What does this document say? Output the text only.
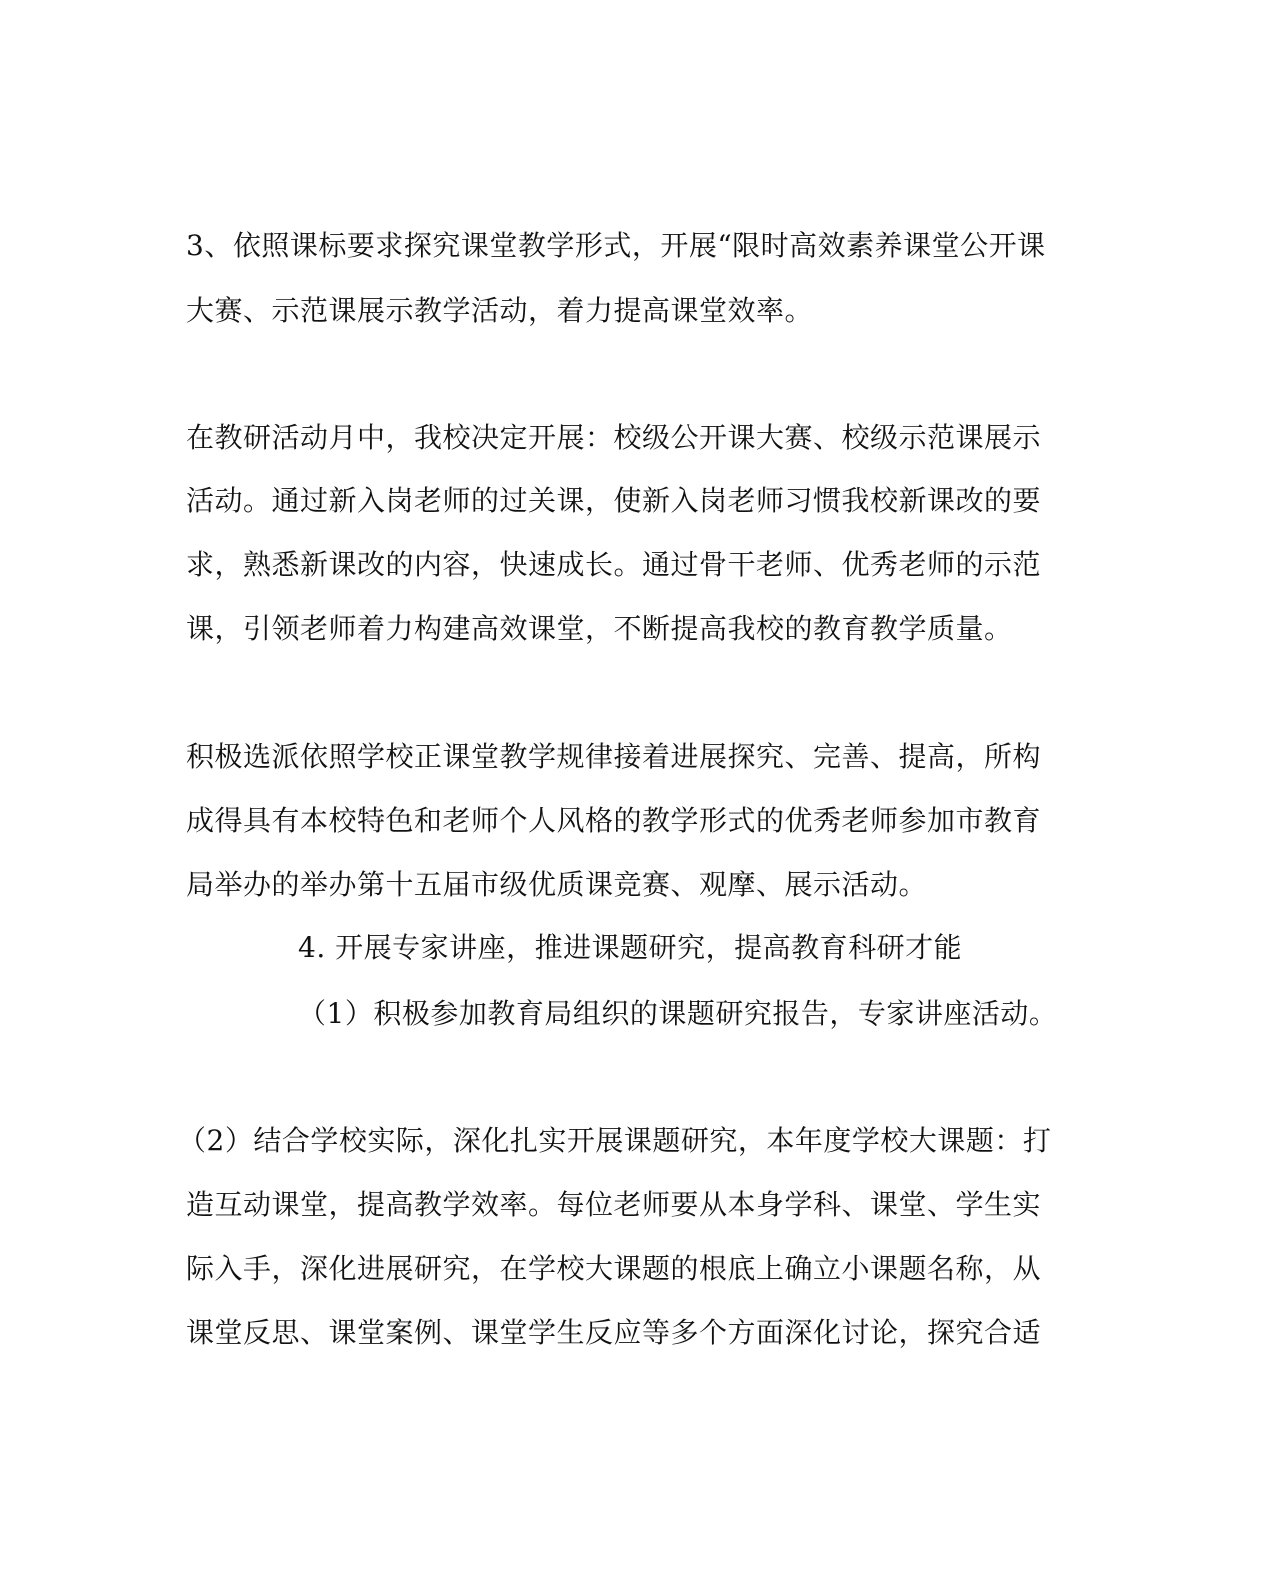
3、依照课标要求探究课堂教学形式，开展“限时高效素养课堂公开课
大赛、示范课展示教学活动，着力提高课堂效率。
在教研活动月中，我校决定开展：校级公开课大赛、校级示范课展示
活动。通过新入岗老师的过关课，使新入岗老师习惯我校新课改的要
求，熟悉新课改的内容，快速成长。通过骨干老师、优秀老师的示范
课，引领老师着力构建高效课堂，不断提高我校的教育教学质量。
积极选派依照学校正课堂教学规律接着进展探究、完善、提高，所构
成得具有本校特色和老师个人风格的教学形式的优秀老师参加市教育
局举办的举办第十五届市级优质课竞赛、观摩、展示活动。
4. 开展专家讲座，推进课题研究，提高教育科研才能
（1）积极参加教育局组织的课题研究报告，专家讲座活动。
（2）结合学校实际，深化扎实开展课题研究，本年度学校大课题：打
造互动课堂，提高教学效率。每位老师要从本身学科、课堂、学生实
际入手，深化进展研究，在学校大课题的根底上确立小课题名称，从
课堂反思、课堂案例、课堂学生反应等多个方面深化讨论，探究合适
